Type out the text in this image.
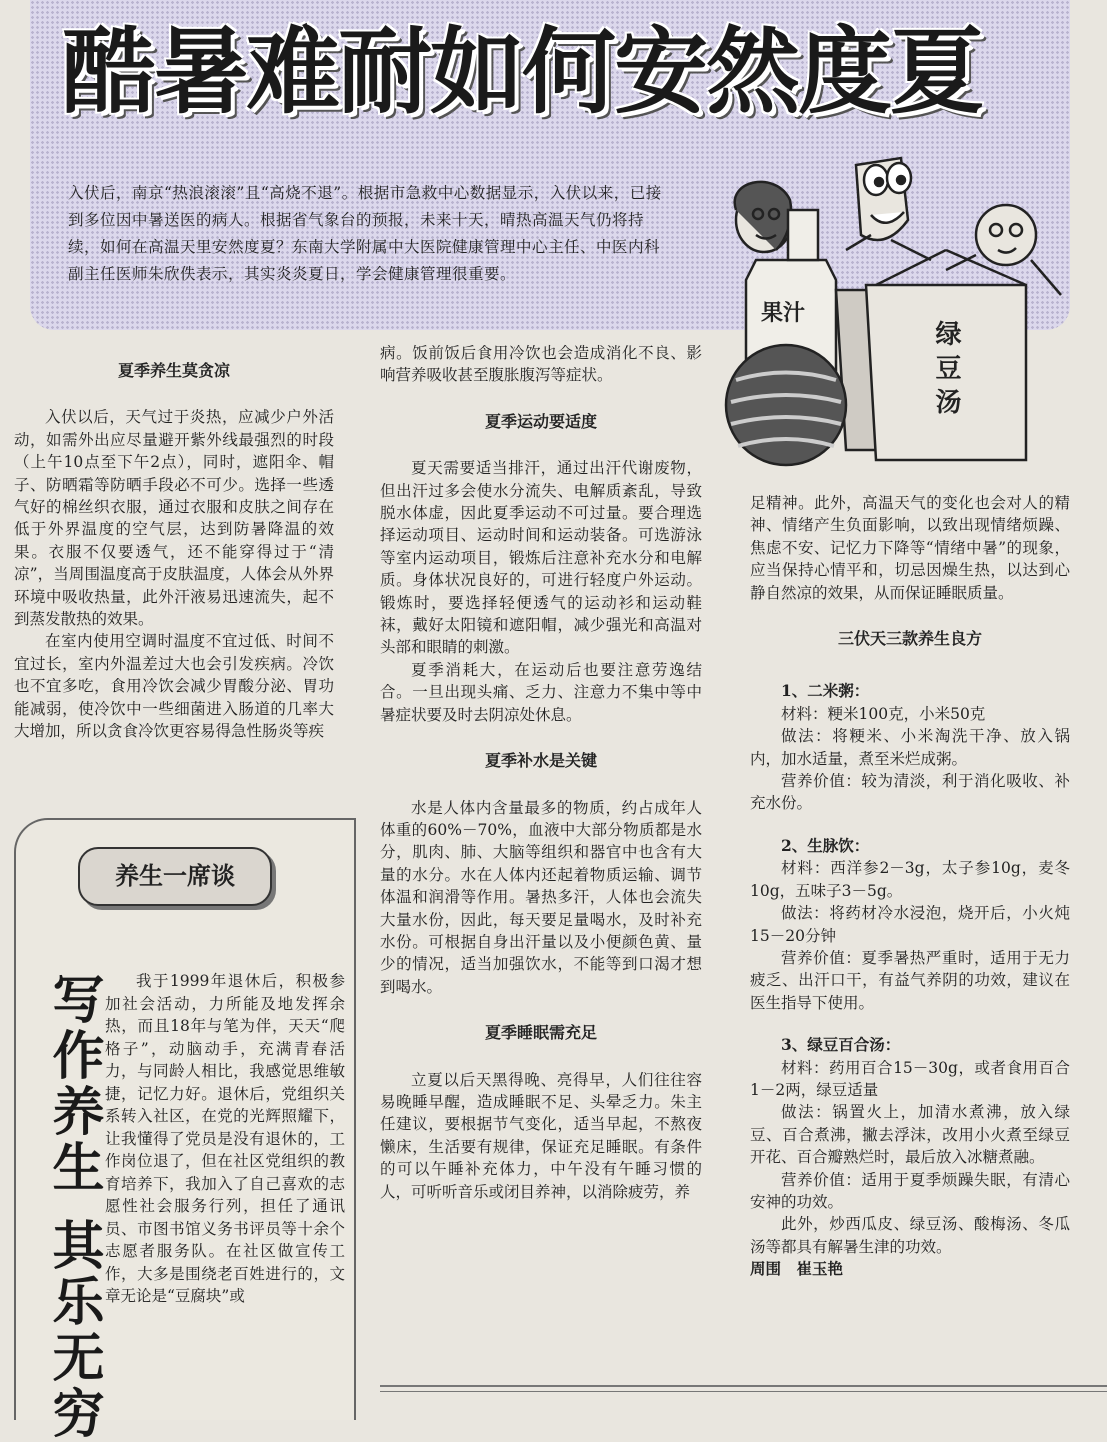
酷暑难耐如何安然度夏

入伏后，南京“热浪滚滚”且“高烧不退”。根据市急救中心数据显示，入伏以来，已接到多位因中暑送医的病人。根据省气象台的预报，未来十天，晴热高温天气仍将持续，如何在高温天里安然度夏？东南大学附属中大医院健康管理中心主任、中医内科副主任医师朱欣佚表示，其实炎炎夏日，学会健康管理很重要。

果汁
绿豆汤
夏季养生莫贪凉

入伏以后，天气过于炎热，应减少户外活动，如需外出应尽量避开紫外线最强烈的时段（上午10点至下午2点），同时，遮阳伞、帽子、防晒霜等防晒手段必不可少。选择一些透气好的棉丝织衣服，通过衣服和皮肤之间存在低于外界温度的空气层，达到防暑降温的效果。衣服不仅要透气，还不能穿得过于“清凉”，当周围温度高于皮肤温度，人体会从外界环境中吸收热量，此外汗液易迅速流失，起不到蒸发散热的效果。

在室内使用空调时温度不宜过低、时间不宜过长，室内外温差过大也会引发疾病。冷饮也不宜多吃，食用冷饮会减少胃酸分泌、胃功能减弱，使冷饮中一些细菌进入肠道的几率大大增加，所以贪食冷饮更容易得急性肠炎等疾

病。饭前饭后食用冷饮也会造成消化不良、影响营养吸收甚至腹胀腹泻等症状。

夏季运动要适度

夏天需要适当排汗，通过出汗代谢废物，但出汗过多会使水分流失、电解质紊乱，导致脱水体虚，因此夏季运动不可过量。要合理选择运动项目、运动时间和运动装备。可选游泳等室内运动项目，锻炼后注意补充水分和电解质。身体状况良好的，可进行轻度户外运动。锻炼时，要选择轻便透气的运动衫和运动鞋袜，戴好太阳镜和遮阳帽，减少强光和高温对头部和眼睛的刺激。

夏季消耗大，在运动后也要注意劳逸结合。一旦出现头痛、乏力、注意力不集中等中暑症状要及时去阴凉处休息。

夏季补水是关键

水是人体内含量最多的物质，约占成年人体重的60%－70%，血液中大部分物质都是水分，肌肉、肺、大脑等组织和器官中也含有大量的水分。水在人体内还起着物质运输、调节体温和润滑等作用。暑热多汗，人体也会流失大量水份，因此，每天要足量喝水，及时补充水份。可根据自身出汗量以及小便颜色黄、量少的情况，适当加强饮水，不能等到口渴才想到喝水。

夏季睡眠需充足

立夏以后天黑得晚、亮得早，人们往往容易晚睡早醒，造成睡眠不足、头晕乏力。朱主任建议，要根据节气变化，适当早起，不熬夜懒床，生活要有规律，保证充足睡眠。有条件的可以午睡补充体力，中午没有午睡习惯的人，可听听音乐或闭目养神，以消除疲劳，养

足精神。此外，高温天气的变化也会对人的精神、情绪产生负面影响，以致出现情绪烦躁、焦虑不安、记忆力下降等“情绪中暑”的现象，应当保持心情平和，切忌因燥生热，以达到心静自然凉的效果，从而保证睡眠质量。

三伏天三款养生良方

1、二米粥：

材料：粳米100克，小米50克

做法：将粳米、小米淘洗干净、放入锅内，加水适量，煮至米烂成粥。

营养价值：较为清淡，利于消化吸收、补充水份。

2、生脉饮：

材料：西洋参2－3g，太子参10g，麦冬10g，五味子3－5g。

做法：将药材冷水浸泡，烧开后，小火炖15－20分钟

营养价值：夏季暑热严重时，适用于无力疲乏、出汗口干，有益气养阴的功效，建议在医生指导下使用。

3、绿豆百合汤：

材料：药用百合15－30g，或者食用百合1－2两，绿豆适量

做法：锅置火上，加清水煮沸，放入绿豆、百合煮沸，撇去浮沫，改用小火煮至绿豆开花、百合瓣熟烂时，最后放入冰糖煮融。

营养价值：适用于夏季烦躁失眠，有清心安神的功效。

此外，炒西瓜皮、绿豆汤、酸梅汤、冬瓜汤等都具有解暑生津的功效。

周围　崔玉艳

养生一席谈
写作养生其乐无穷

我于1999年退休后，积极参加社会活动，力所能及地发挥余热，而且18年与笔为伴，天天“爬格子”，动脑动手，充满青春活力，与同龄人相比，我感觉思维敏捷，记忆力好。退休后，党组织关系转入社区，在党的光辉照耀下，让我懂得了党员是没有退休的，工作岗位退了，但在社区党组织的教育培养下，我加入了自己喜欢的志愿性社会服务行列，担任了通讯员、市图书馆义务书评员等十余个志愿者服务队。在社区做宣传工作，大多是围绕老百姓进行的，文章无论是“豆腐块”或
